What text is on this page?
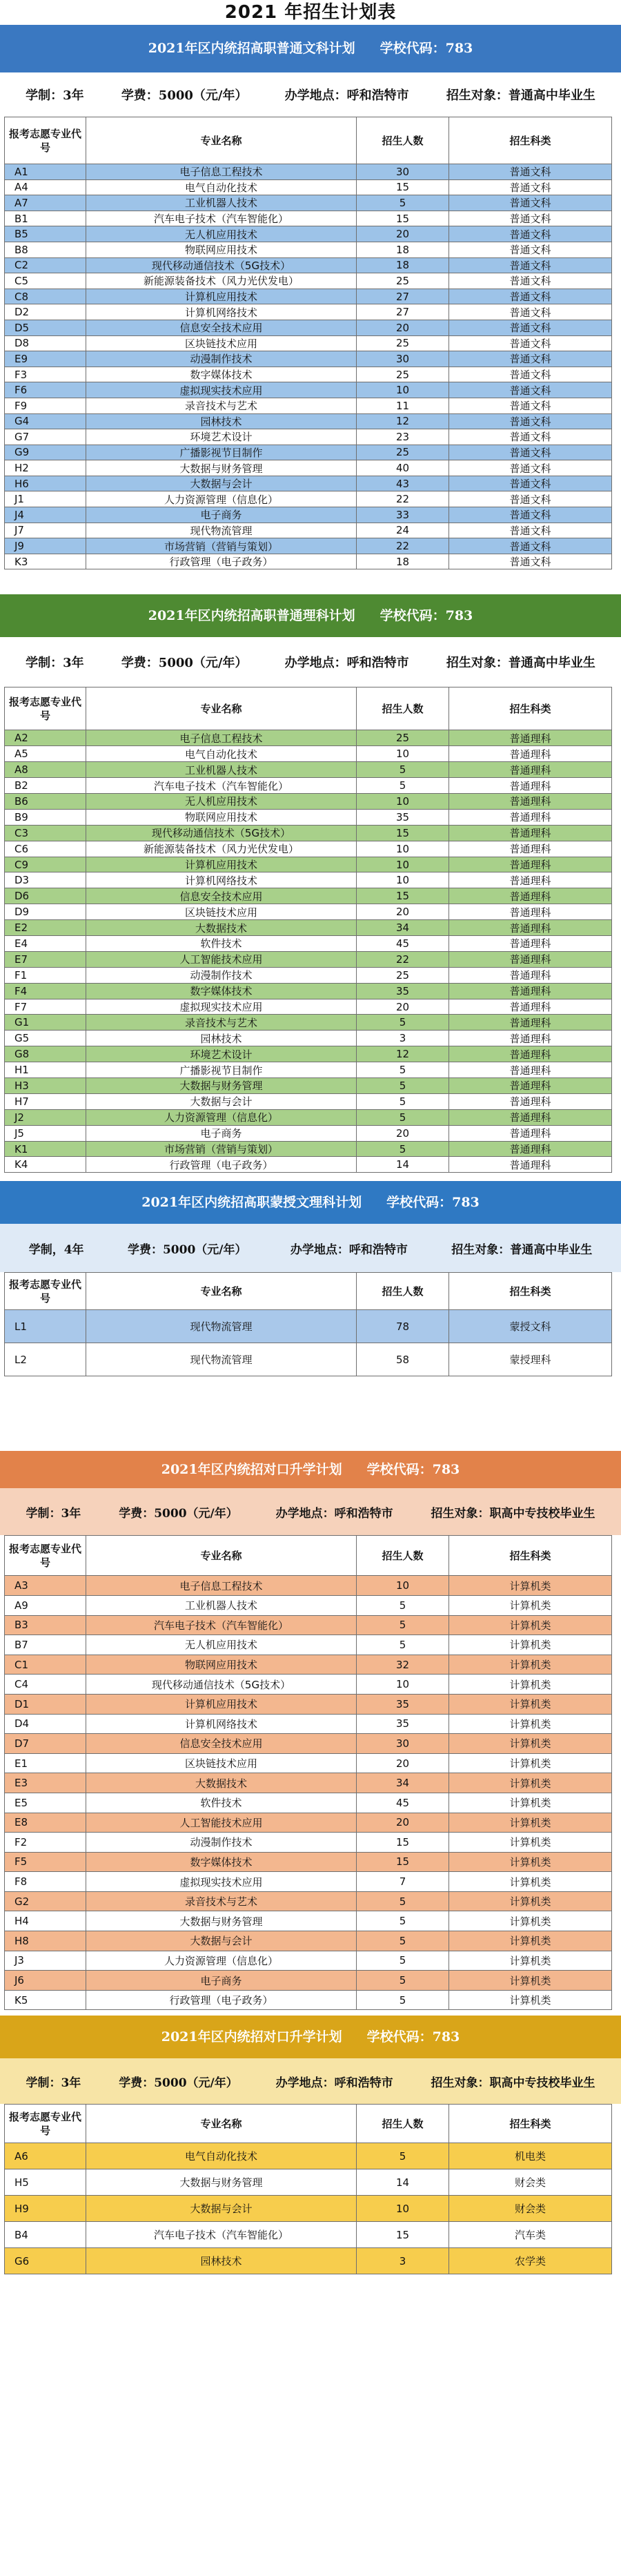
2021 年招生计划表
2021年区内统招高职普通文科计划 学校代码：783
学制：3年	学费：5000（元/年）	办学地点：呼和浩特市	招生对象：普通高中毕业生
报考志愿专业代号	专业名称	招生人数	招生科类
A1	电子信息工程技术	30	普通文科
A4	电气自动化技术	15	普通文科
A7	工业机器人技术	5	普通文科
B1	汽车电子技术（汽车智能化）	15	普通文科
B5	无人机应用技术	20	普通文科
B8	物联网应用技术	18	普通文科
C2	现代移动通信技术（5G技术）	18	普通文科
C5	新能源装备技术（风力光伏发电）	25	普通文科
C8	计算机应用技术	27	普通文科
D2	计算机网络技术	27	普通文科
D5	信息安全技术应用	20	普通文科
D8	区块链技术应用	25	普通文科
E9	动漫制作技术	30	普通文科
F3	数字媒体技术	25	普通文科
F6	虚拟现实技术应用	10	普通文科
F9	录音技术与艺术	11	普通文科
G4	园林技术	12	普通文科
G7	环境艺术设计	23	普通文科
G9	广播影视节目制作	25	普通文科
H2	大数据与财务管理	40	普通文科
H6	大数据与会计	43	普通文科
J1	人力资源管理（信息化）	22	普通文科
J4	电子商务	33	普通文科
J7	现代物流管理	24	普通文科
J9	市场营销（营销与策划）	22	普通文科
K3	行政管理（电子政务）	18	普通文科
2021年区内统招高职普通理科计划 学校代码：783
学制：3年	学费：5000（元/年）	办学地点：呼和浩特市	招生对象：普通高中毕业生
报考志愿专业代号	专业名称	招生人数	招生科类
A2	电子信息工程技术	25	普通理科
A5	电气自动化技术	10	普通理科
A8	工业机器人技术	5	普通理科
B2	汽车电子技术（汽车智能化）	5	普通理科
B6	无人机应用技术	10	普通理科
B9	物联网应用技术	35	普通理科
C3	现代移动通信技术（5G技术）	15	普通理科
C6	新能源装备技术（风力光伏发电）	10	普通理科
C9	计算机应用技术	10	普通理科
D3	计算机网络技术	10	普通理科
D6	信息安全技术应用	15	普通理科
D9	区块链技术应用	20	普通理科
E2	大数据技术	34	普通理科
E4	软件技术	45	普通理科
E7	人工智能技术应用	22	普通理科
F1	动漫制作技术	25	普通理科
F4	数字媒体技术	35	普通理科
F7	虚拟现实技术应用	20	普通理科
G1	录音技术与艺术	5	普通理科
G5	园林技术	3	普通理科
G8	环境艺术设计	12	普通理科
H1	广播影视节目制作	5	普通理科
H3	大数据与财务管理	5	普通理科
H7	大数据与会计	5	普通理科
J2	人力资源管理（信息化）	5	普通理科
J5	电子商务	20	普通理科
K1	市场营销（营销与策划）	5	普通理科
K4	行政管理（电子政务）	14	普通理科
2021年区内统招高职蒙授文理科计划 学校代码：783
学制，4年	学费：5000（元/年）	办学地点：呼和浩特市	招生对象：普通高中毕业生
报考志愿专业代号	专业名称	招生人数	招生科类
L1	现代物流管理	78	蒙授文科
L2	现代物流管理	58	蒙授理科
2021年区内统招对口升学计划 学校代码：783
学制：3年	学费：5000（元/年）	办学地点：呼和浩特市	招生对象：职高中专技校毕业生
报考志愿专业代号	专业名称	招生人数	招生科类
A3	电子信息工程技术	10	计算机类
A9	工业机器人技术	5	计算机类
B3	汽车电子技术（汽车智能化）	5	计算机类
B7	无人机应用技术	5	计算机类
C1	物联网应用技术	32	计算机类
C4	现代移动通信技术（5G技术）	10	计算机类
D1	计算机应用技术	35	计算机类
D4	计算机网络技术	35	计算机类
D7	信息安全技术应用	30	计算机类
E1	区块链技术应用	20	计算机类
E3	大数据技术	34	计算机类
E5	软件技术	45	计算机类
E8	人工智能技术应用	20	计算机类
F2	动漫制作技术	15	计算机类
F5	数字媒体技术	15	计算机类
F8	虚拟现实技术应用	7	计算机类
G2	录音技术与艺术	5	计算机类
H4	大数据与财务管理	5	计算机类
H8	大数据与会计	5	计算机类
J3	人力资源管理（信息化）	5	计算机类
J6	电子商务	5	计算机类
K5	行政管理（电子政务）	5	计算机类
2021年区内统招对口升学计划 学校代码：783
学制：3年	学费：5000（元/年）	办学地点：呼和浩特市	招生对象：职高中专技校毕业生
报考志愿专业代号	专业名称	招生人数	招生科类
A6	电气自动化技术	5	机电类
H5	大数据与财务管理	14	财会类
H9	大数据与会计	10	财会类
B4	汽车电子技术（汽车智能化）	15	汽车类
G6	园林技术	3	农学类
